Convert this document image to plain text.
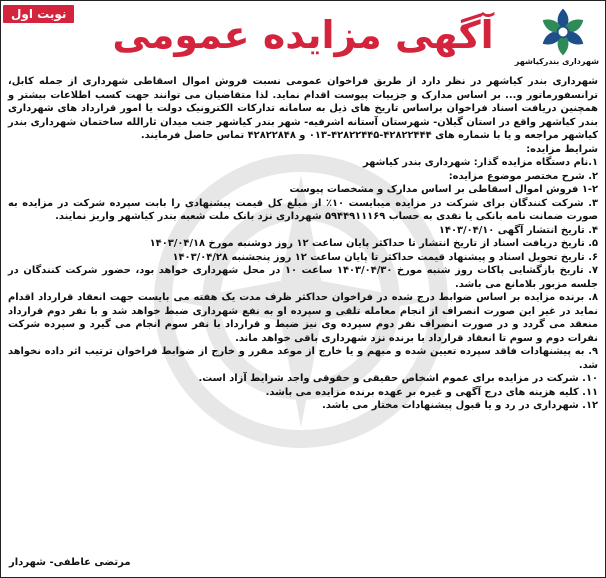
نوبت اول	آگهی مزایده عمومی
شهرداری بندرکیاشهر

شهرداری بندر کیاشهر در نظر دارد از طریق فراخوان عمومی نسبت فروش اموال اسقاطی شهرداری از جمله کابل، ترانسفورماتور و... بر اساس مدارک و جزییات پیوست اقدام نماید. لذا متقاضیان می توانند جهت کسب اطلاعات بیشتر و همچنین دریافت اسناد فراخوان براساس تاریخ های ذیل به سامانه تدارکات الکترونیک دولت یا امور قرارداد های شهرداری بندر کیاشهر واقع در استان گیلان- شهرستان آستانه اشرفیه- شهر بندر کیاشهر جنب میدان ثارالله ساختمان شهرداری بندر کیاشهر مراجعه و یا با شماره های ۴۲۸۲۲۴۴۴-۴۲۸۲۲۴۴۵-۰۱۳ و ۴۲۸۲۲۸۴۸ تماس حاصل فرمایند.

شرایط مزایده:

۱.نام دستگاه مزایده گذار: شهرداری بندر کیاشهر

۲. شرح مختصر موضوع مزایده:

۱-۲ فروش اموال اسقاطی بر اساس مدارک و مشخصات پیوست

۳. شرکت کنندگان برای شرکت در مزایده میبایست ۱۰٪ از مبلغ کل قیمت پیشنهادی را بابت سپرده شرکت در مزایده به صورت ضمانت نامه بانکی یا نقدی به حساب ۵۹۴۴۹۱۱۱۶۹ شهرداری نزد بانک ملت شعبه بندر کیاشهر واریز نمایند.

۴. تاریخ انتشار آگهی ۱۴۰۳/۰۴/۱۰

۵. تاریخ دریافت اسناد از تاریخ انتشار تا حداکثر پایان ساعت ۱۲ روز دوشنبه مورخ ۱۴۰۳/۰۴/۱۸

۶. تاریخ تحویل اسناد و پیشنهاد قیمت حداکثر تا پایان ساعت ۱۲ روز پنجشنبه ۱۴۰۳/۰۴/۲۸

۷. تاریخ بازگشایی پاکات روز شنبه مورخ ۱۴۰۳/۰۴/۳۰ ساعت ۱۰ در محل شهرداری خواهد بود، حضور شرکت کنندگان در جلسه مزبور بلامانع می باشد.

۸. برنده مزایده بر اساس ضوابط درج شده در فراخوان حداکثر ظرف مدت یک هفته می بایست جهت انعقاد قرارداد اقدام نماید در غیر این صورت انصراف از انجام معامله تلقی و سپرده او به نفع شهرداری ضبط خواهد شد و با نفر دوم قرارداد منعقد می گردد و در صورت انصراف نفر دوم سپرده وی نیز ضبط و قرارداد با نفر سوم انجام می گیرد و سپرده شرکت نفرات دوم و سوم تا انعقاد قرارداد با برنده نزد شهرداری باقی خواهد ماند.

۹. به پیشنهادات فاقد سپرده تعیین شده و مبهم و یا خارج از موعد مقرر و خارج از ضوابط فراخوان ترتیب اثر داده نخواهد شد.

۱۰. شرکت در مزایده برای عموم اشخاص حقیقی و حقوقی واجد شرایط آزاد است.

۱۱. کلیه هزینه های درج آگهی و غیره بر عهده برنده مزایده می باشد.

۱۲. شهرداری در رد و یا قبول پیشنهادات مختار می باشد.

مرتضی عاطفی- شهردار
